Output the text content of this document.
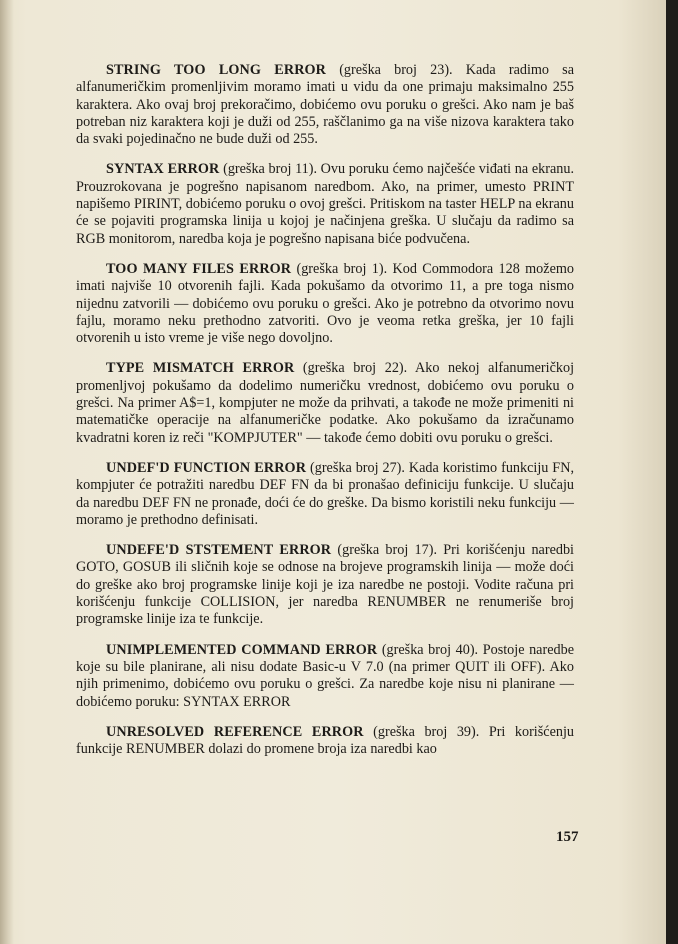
STRING TOO LONG ERROR (greška broj 23). Kada radimo sa alfanumeričkim promenljivim moramo imati u vidu da one primaju maksimalno 255 karaktera. Ako ovaj broj prekoračimo, dobićemo ovu poruku o grešci. Ako nam je baš potreban niz karaktera koji je duži od 255, raščlanimo ga na više nizova karaktera tako da svaki pojedinačno ne bude duži od 255.

SYNTAX ERROR (greška broj 11). Ovu poruku ćemo najčešće viđati na ekranu. Prouzrokovana je pogrešno napisanom naredbom. Ako, na primer, umesto PRINT napišemo PIRINT, dobićemo poruku o ovoj grešci. Pritiskom na taster HELP na ekranu će se pojaviti programska linija u kojoj je načinjena greška. U slučaju da radimo sa RGB monitorom, naredba koja je pogrešno napisana biće podvučena.

TOO MANY FILES ERROR (greška broj 1). Kod Commodora 128 možemo imati najviše 10 otvorenih fajli. Kada pokušamo da otvorimo 11, a pre toga nismo nijednu zatvorili — dobićemo ovu poruku o grešci. Ako je potrebno da otvorimo novu fajlu, moramo neku prethodno zatvoriti. Ovo je veoma retka greška, jer 10 fajli otvorenih u isto vreme je više nego dovoljno.

TYPE MISMATCH ERROR (greška broj 22). Ako nekoj alfanumeričkoj promenljvoj pokušamo da dodelimo numeričku vrednost, dobićemo ovu poruku o grešci. Na primer A$=1, kompjuter ne može da prihvati, a takođe ne može primeniti ni matematičke operacije na alfanumeričke podatke. Ako pokušamo da izračunamo kvadratni koren iz reči "KOMPJUTER" — takođe ćemo dobiti ovu poruku o grešci.

UNDEF'D FUNCTION ERROR (greška broj 27). Kada koristimo funkciju FN, kompjuter će potražiti naredbu DEF FN da bi pronašao definiciju funkcije. U slučaju da naredbu DEF FN ne pronađe, doći će do greške. Da bismo koristili neku funkciju — moramo je prethodno definisati.

UNDEFE'D STSTEMENT ERROR (greška broj 17). Pri korišćenju naredbi GOTO, GOSUB ili sličnih koje se odnose na brojeve programskih linija — može doći do greške ako broj programske linije koji je iza naredbe ne postoji. Vodite računa pri korišćenju funkcije COLLISION, jer naredba RENUMBER ne renumeriše broj programske linije iza te funkcije.

UNIMPLEMENTED COMMAND ERROR (greška broj 40). Postoje naredbe koje su bile planirane, ali nisu dodate Basic-u V 7.0 (na primer QUIT ili OFF). Ako njih primenimo, dobićemo ovu poruku o grešci. Za naredbe koje nisu ni planirane — dobićemo poruku: SYNTAX ERROR

UNRESOLVED REFERENCE ERROR (greška broj 39). Pri korišćenju funkcije RENUMBER dolazi do promene broja iza naredbi kao

157
